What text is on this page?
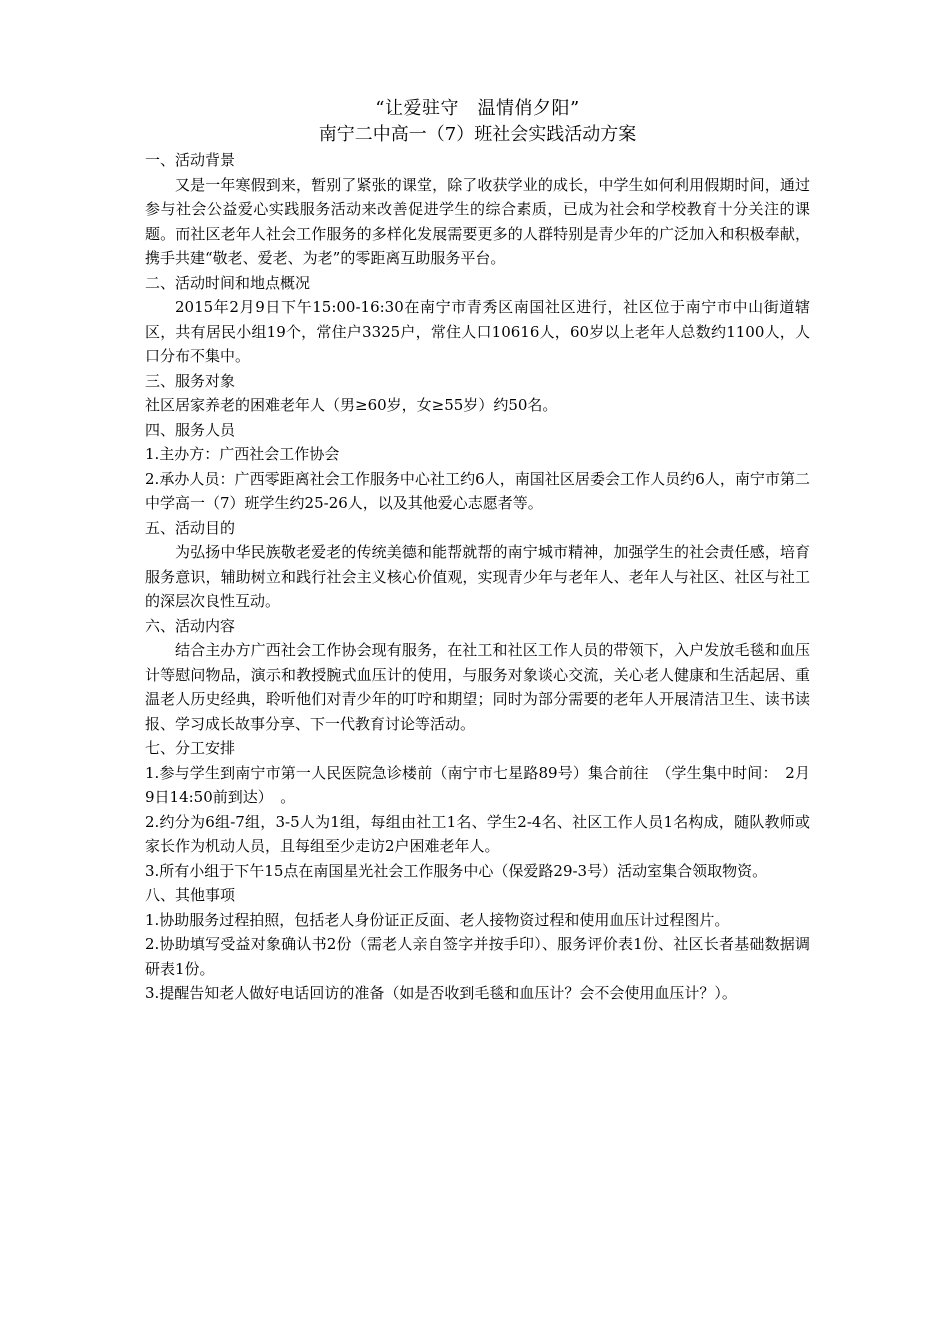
“让爱驻守　温情俏夕阳”
南宁二中高一（7）班社会实践活动方案

一、活动背景

又是一年寒假到来，暂别了紧张的课堂，除了收获学业的成长，中学生如何利用假期时间，通过参与社会公益爱心实践服务活动来改善促进学生的综合素质，已成为社会和学校教育十分关注的课题。而社区老年人社会工作服务的多样化发展需要更多的人群特别是青少年的广泛加入和积极奉献，携手共建“敬老、爱老、为老”的零距离互助服务平台。

二、活动时间和地点概况

2015年2月9日下午15:00-16:30在南宁市青秀区南国社区进行，社区位于南宁市中山街道辖区，共有居民小组19个，常住户3325户，常住人口10616人，60岁以上老年人总数约1100人，人口分布不集中。

三、服务对象

社区居家养老的困难老年人（男≥60岁，女≥55岁）约50名。

四、服务人员

1.主办方：广西社会工作协会

2.承办人员：广西零距离社会工作服务中心社工约6人，南国社区居委会工作人员约6人，南宁市第二中学高一（7）班学生约25-26人，以及其他爱心志愿者等。

五、活动目的

为弘扬中华民族敬老爱老的传统美德和能帮就帮的南宁城市精神，加强学生的社会责任感，培育服务意识，辅助树立和践行社会主义核心价值观，实现青少年与老年人、老年人与社区、社区与社工的深层次良性互动。

六、活动内容

结合主办方广西社会工作协会现有服务，在社工和社区工作人员的带领下，入户发放毛毯和血压计等慰问物品，演示和教授腕式血压计的使用，与服务对象谈心交流，关心老人健康和生活起居、重温老人历史经典，聆听他们对青少年的叮咛和期望；同时为部分需要的老年人开展清洁卫生、读书读报、学习成长故事分享、下一代教育讨论等活动。

七、分工安排

1.参与学生到南宁市第一人民医院急诊楼前（南宁市七星路89号）集合前往　（学生集中时间：　2月9日14:50前到达）　。

2.约分为6组-7组，3-5人为1组，每组由社工1名、学生2-4名、社区工作人员1名构成，随队教师或家长作为机动人员，且每组至少走访2户困难老年人。

3.所有小组于下午15点在南国星光社会工作服务中心（保爱路29-3号）活动室集合领取物资。

八、其他事项

1.协助服务过程拍照，包括老人身份证正反面、老人接物资过程和使用血压计过程图片。

2.协助填写受益对象确认书2份（需老人亲自签字并按手印）、服务评价表1份、社区长者基础数据调研表1份。

3.提醒告知老人做好电话回访的准备（如是否收到毛毯和血压计？会不会使用血压计？）。
